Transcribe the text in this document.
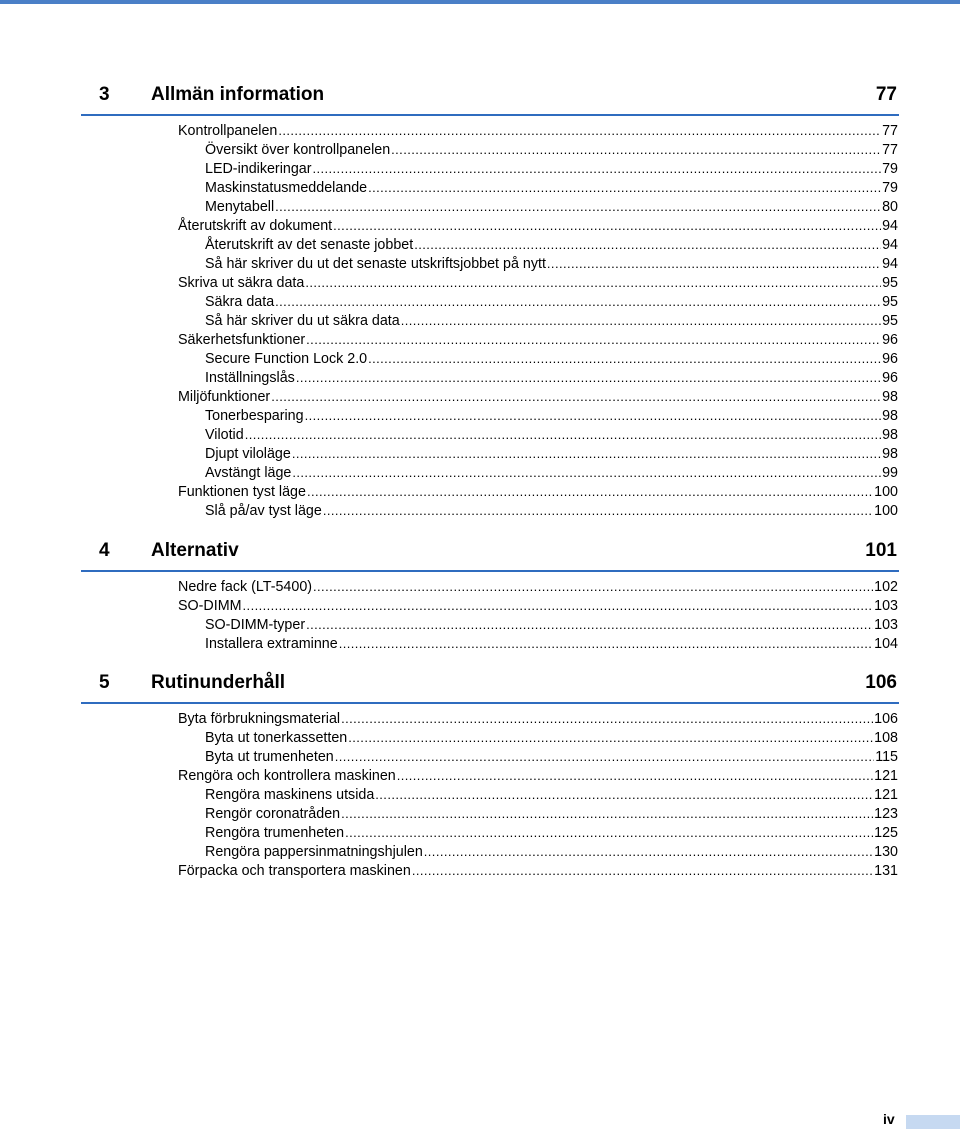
3 Allmän information	77
Kontrollpanelen .....	77
Översikt över kontrollpanelen .....	77
LED-indikeringar .....	79
Maskinstatusmeddelande .....	79
Menytabell .....	80
Återutskrift av dokument .....	94
Återutskrift av det senaste jobbet .....	94
Så här skriver du ut det senaste utskriftsjobbet på nytt .....	94
Skriva ut säkra data .....	95
Säkra data .....	95
Så här skriver du ut säkra data .....	95
Säkerhetsfunktioner .....	96
Secure Function Lock 2.0 .....	96
Inställningslås .....	96
Miljöfunktioner .....	98
Tonerbesparing .....	98
Vilotid .....	98
Djupt viloläge .....	98
Avstängt läge .....	99
Funktionen tyst läge .....	100
Slå på/av tyst läge .....	100
4 Alternativ	101
Nedre fack (LT-5400) .....	102
SO-DIMM .....	103
SO-DIMM-typer .....	103
Installera extraminne .....	104
5 Rutinunderhåll	106
Byta förbrukningsmaterial .....	106
Byta ut tonerkassetten .....	108
Byta ut trumenheten .....	115
Rengöra och kontrollera maskinen .....	121
Rengöra maskinens utsida .....	121
Rengör coronatråden .....	123
Rengöra trumenheten .....	125
Rengöra pappersinmatningshjulen .....	130
Förpacka och transportera maskinen .....	131
iv
